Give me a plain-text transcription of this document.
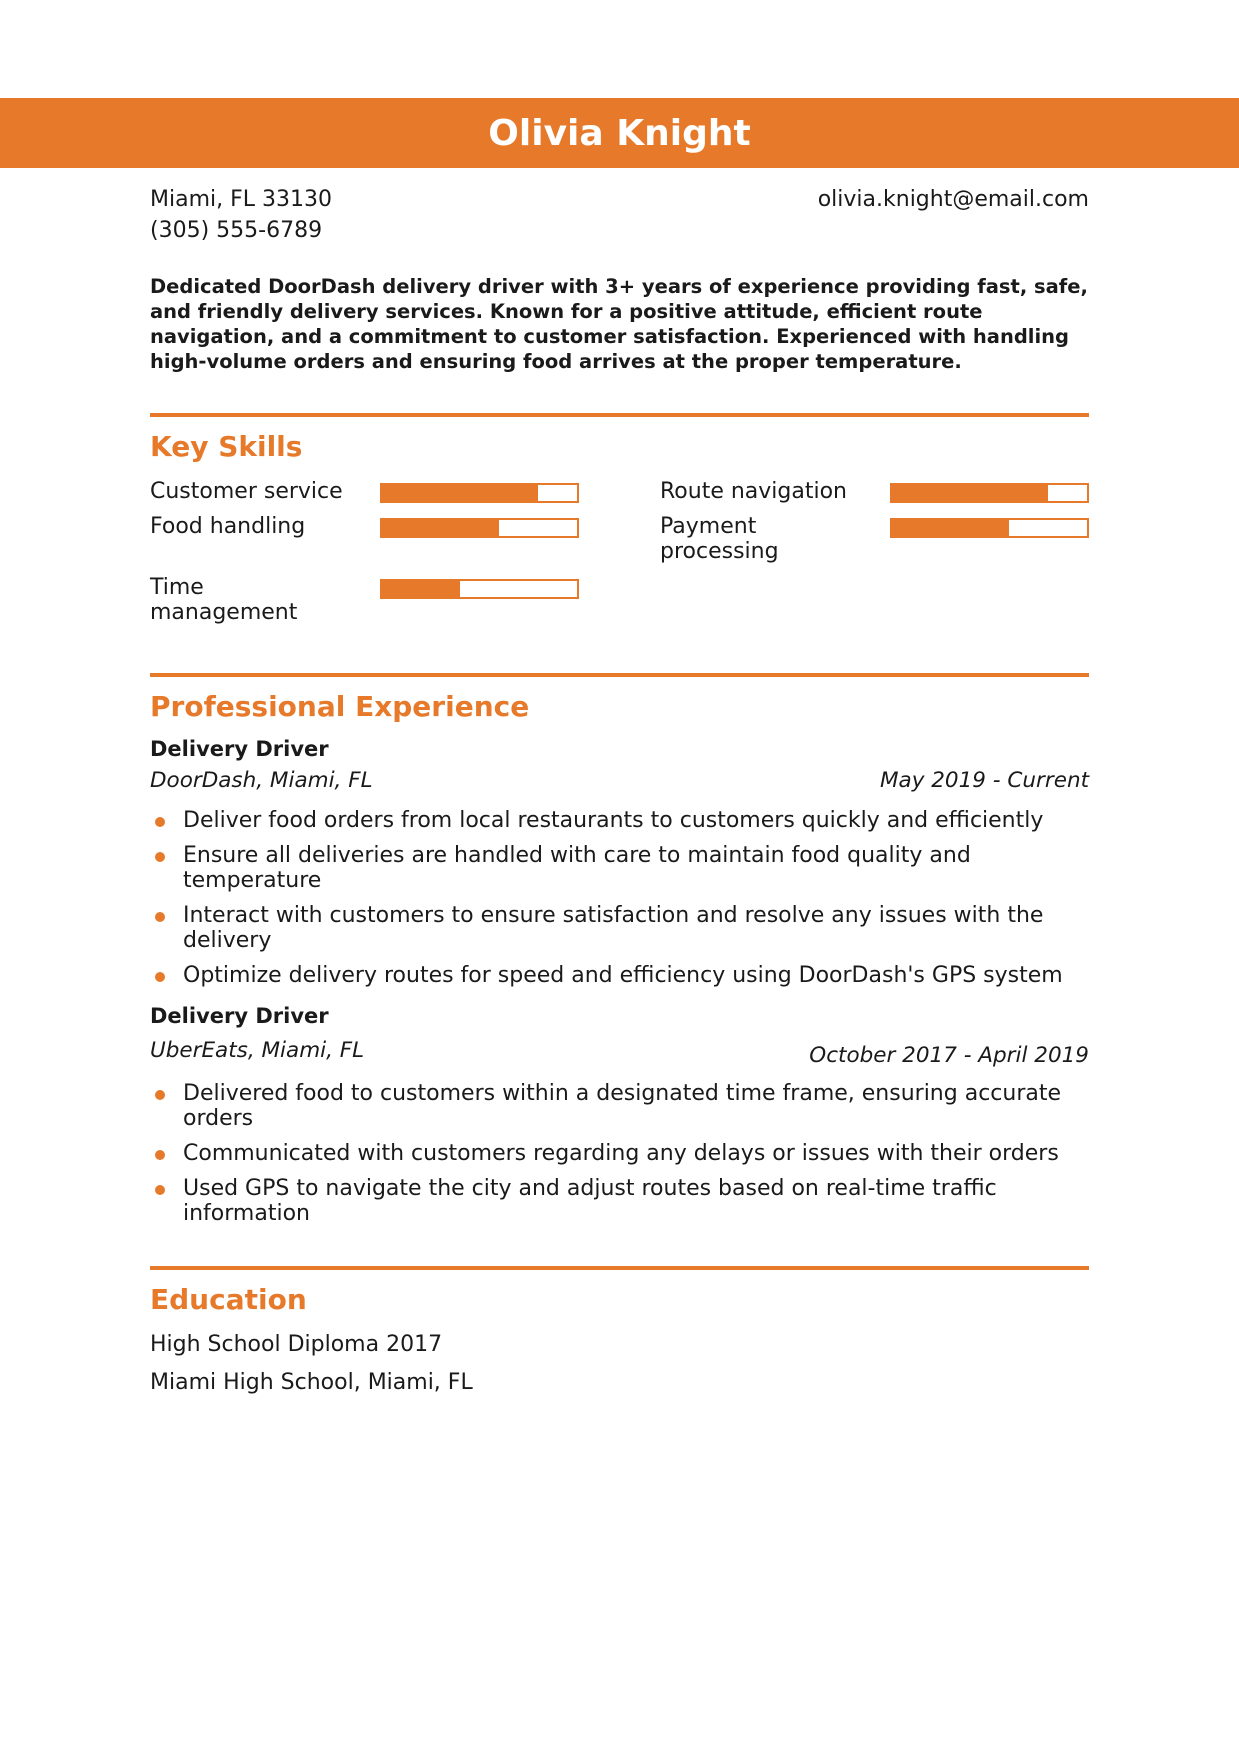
Olivia Knight
Miami, FL 33130
(305) 555-6789
olivia.knight@email.com
Dedicated DoorDash delivery driver with 3+ years of experience providing fast, safe, and friendly delivery services. Known for a positive attitude, efficient route navigation, and a commitment to customer satisfaction. Experienced with handling high-volume orders and ensuring food arrives at the proper temperature.
Key Skills
Customer service	Route navigation
Food handling	Payment processing
Time management
Professional Experience
Delivery Driver
DoorDash, Miami, FL	May 2019 - Current
Deliver food orders from local restaurants to customers quickly and efficiently
Ensure all deliveries are handled with care to maintain food quality and temperature
Interact with customers to ensure satisfaction and resolve any issues with the delivery
Optimize delivery routes for speed and efficiency using DoorDash's GPS system
Delivery Driver
UberEats, Miami, FL	October 2017 - April 2019
Delivered food to customers within a designated time frame, ensuring accurate orders
Communicated with customers regarding any delays or issues with their orders
Used GPS to navigate the city and adjust routes based on real-time traffic information
Education
High School Diploma 2017
Miami High School, Miami, FL
